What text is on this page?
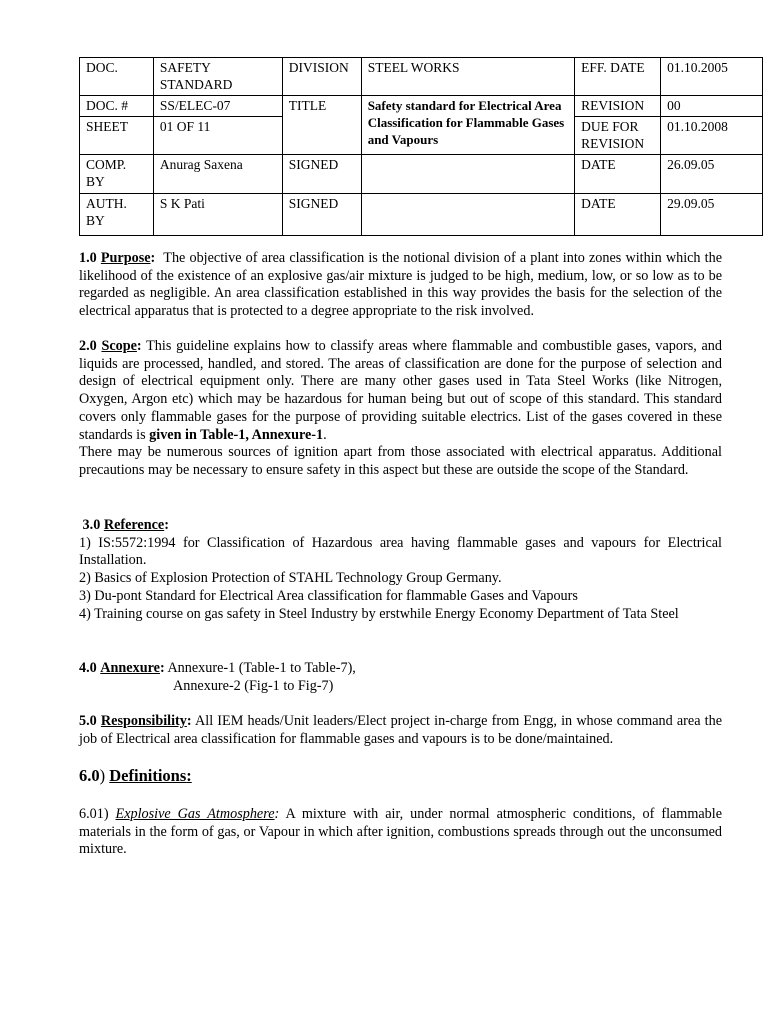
DOC.	SAFETY STANDARD	DIVISION	STEEL WORKS	EFF. DATE	01.10.2005
DOC. #	SS/ELEC-07	TITLE	Safety standard for Electrical Area Classification for Flammable Gases and Vapours	REVISION	00
SHEET	01 OF 11			DUE FOR REVISION	01.10.2008
COMP. BY	Anurag Saxena	SIGNED		DATE	26.09.05
AUTH. BY	S K Pati	SIGNED		DATE	29.09.05

1.0 Purpose: The objective of area classification is the notional division of a plant into zones within which the likelihood of the existence of an explosive gas/air mixture is judged to be high, medium, low, or so low as to be regarded as negligible. An area classification established in this way provides the basis for the selection of the electrical apparatus that is protected to a degree appropriate to the risk involved.

2.0 Scope: This guideline explains how to classify areas where flammable and combustible gases, vapors, and liquids are processed, handled, and stored. The areas of classification are done for the purpose of selection and design of electrical equipment only. There are many other gases used in Tata Steel Works (like Nitrogen, Oxygen, Argon etc) which may be hazardous for human being but out of scope of this standard. This standard covers only flammable gases for the purpose of providing suitable electrics. List of the gases covered in these standards is given in Table-1, Annexure-1.

There may be numerous sources of ignition apart from those associated with electrical apparatus. Additional precautions may be necessary to ensure safety in this aspect but these are outside the scope of the Standard.

3.0 Reference:

1) IS:5572:1994 for Classification of Hazardous area having flammable gases and vapours for Electrical Installation.

2) Basics of Explosion Protection of STAHL Technology Group Germany.

3) Du-pont Standard for Electrical Area classification for flammable Gases and Vapours

4) Training course on gas safety in Steel Industry by erstwhile Energy Economy Department of Tata Steel

4.0 Annexure: Annexure-1 (Table-1 to Table-7),

Annexure-2 (Fig-1 to Fig-7)

5.0 Responsibility: All IEM heads/Unit leaders/Elect project in-charge from Engg, in whose command area the job of Electrical area classification for flammable gases and vapours is to be done/maintained.

6.0) Definitions:

6.01) Explosive Gas Atmosphere: A mixture with air, under normal atmospheric conditions, of flammable materials in the form of gas, or Vapour in which after ignition, combustions spreads through out the unconsumed mixture.
